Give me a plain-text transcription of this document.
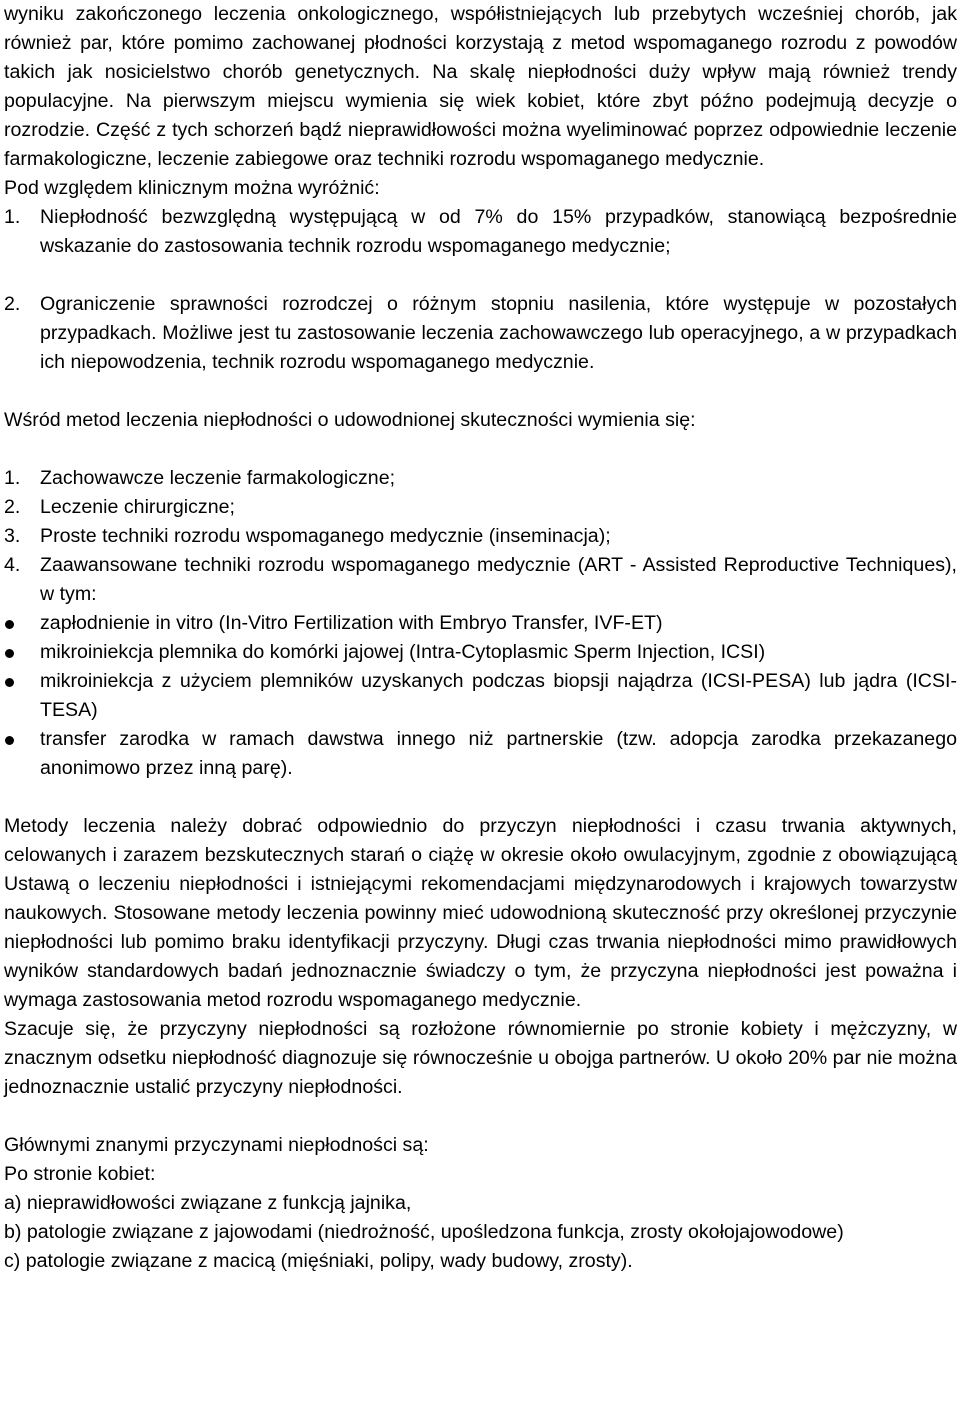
wyniku zakończonego leczenia onkologicznego, współistniejących lub przebytych wcześniej chorób, jak również par, które pomimo zachowanej płodności korzystają z metod wspomaganego rozrodu z powodów takich jak nosicielstwo chorób genetycznych. Na skalę niepłodności duży wpływ mają również trendy populacyjne. Na pierwszym miejscu wymienia się wiek kobiet, które zbyt późno podejmują decyzje o rozrodzie. Część z tych schorzeń bądź nieprawidłowości można wyeliminować poprzez odpowiednie leczenie farmakologiczne, leczenie zabiegowe oraz techniki rozrodu wspomaganego medycznie.

Pod względem klinicznym można wyróżnić:

1.	Niepłodność bezwzględną występującą w od 7% do 15% przypadków, stanowiącą bezpośrednie wskazanie do zastosowania technik rozrodu wspomaganego medycznie;
2.	Ograniczenie sprawności rozrodczej o różnym stopniu nasilenia, które występuje w pozostałych przypadkach. Możliwe jest tu zastosowanie leczenia zachowawczego lub operacyjnego, a w przypadkach ich niepowodzenia, technik rozrodu wspomaganego medycznie.

Wśród metod leczenia niepłodności o udowodnionej skuteczności wymienia się:

1.	Zachowawcze leczenie farmakologiczne;
2.	Leczenie chirurgiczne;
3.	Proste techniki rozrodu wspomaganego medycznie (inseminacja);
4.	Zaawansowane techniki rozrodu wspomaganego medycznie (ART - Assisted Reproductive Techniques), w tym:
zapłodnienie in vitro (In-Vitro Fertilization with Embryo Transfer, IVF-ET)
mikroiniekcja plemnika do komórki jajowej (Intra-Cytoplasmic Sperm Injection, ICSI)
mikroiniekcja z użyciem plemników uzyskanych podczas biopsji najądrza (ICSI-PESA) lub jądra (ICSI-TESA)
transfer zarodka w ramach dawstwa innego niż partnerskie (tzw. adopcja zarodka przekazanego anonimowo przez inną parę).

Metody leczenia należy dobrać odpowiednio do przyczyn niepłodności i czasu trwania aktywnych, celowanych i zarazem bezskutecznych starań o ciążę w okresie około owulacyjnym, zgodnie z obowiązującą Ustawą o leczeniu niepłodności i istniejącymi rekomendacjami międzynarodowych i krajowych towarzystw naukowych. Stosowane metody leczenia powinny mieć udowodnioną skuteczność przy określonej przyczynie niepłodności lub pomimo braku identyfikacji przyczyny. Długi czas trwania niepłodności mimo prawidłowych wyników standardowych badań jednoznacznie świadczy o tym, że przyczyna niepłodności jest poważna i wymaga zastosowania metod rozrodu wspomaganego medycznie.

Szacuje się, że przyczyny niepłodności są rozłożone równomiernie po stronie kobiety i mężczyzny, w znacznym odsetku niepłodność diagnozuje się równocześnie u obojga partnerów. U około 20% par nie można jednoznacznie ustalić przyczyny niepłodności.

Głównymi znanymi przyczynami niepłodności są:

Po stronie kobiet:

a) nieprawidłowości związane z funkcją jajnika,

b) patologie związane z jajowodami (niedrożność, upośledzona funkcja, zrosty okołojajowodowe)

c) patologie związane z macicą (mięśniaki, polipy, wady budowy, zrosty).
